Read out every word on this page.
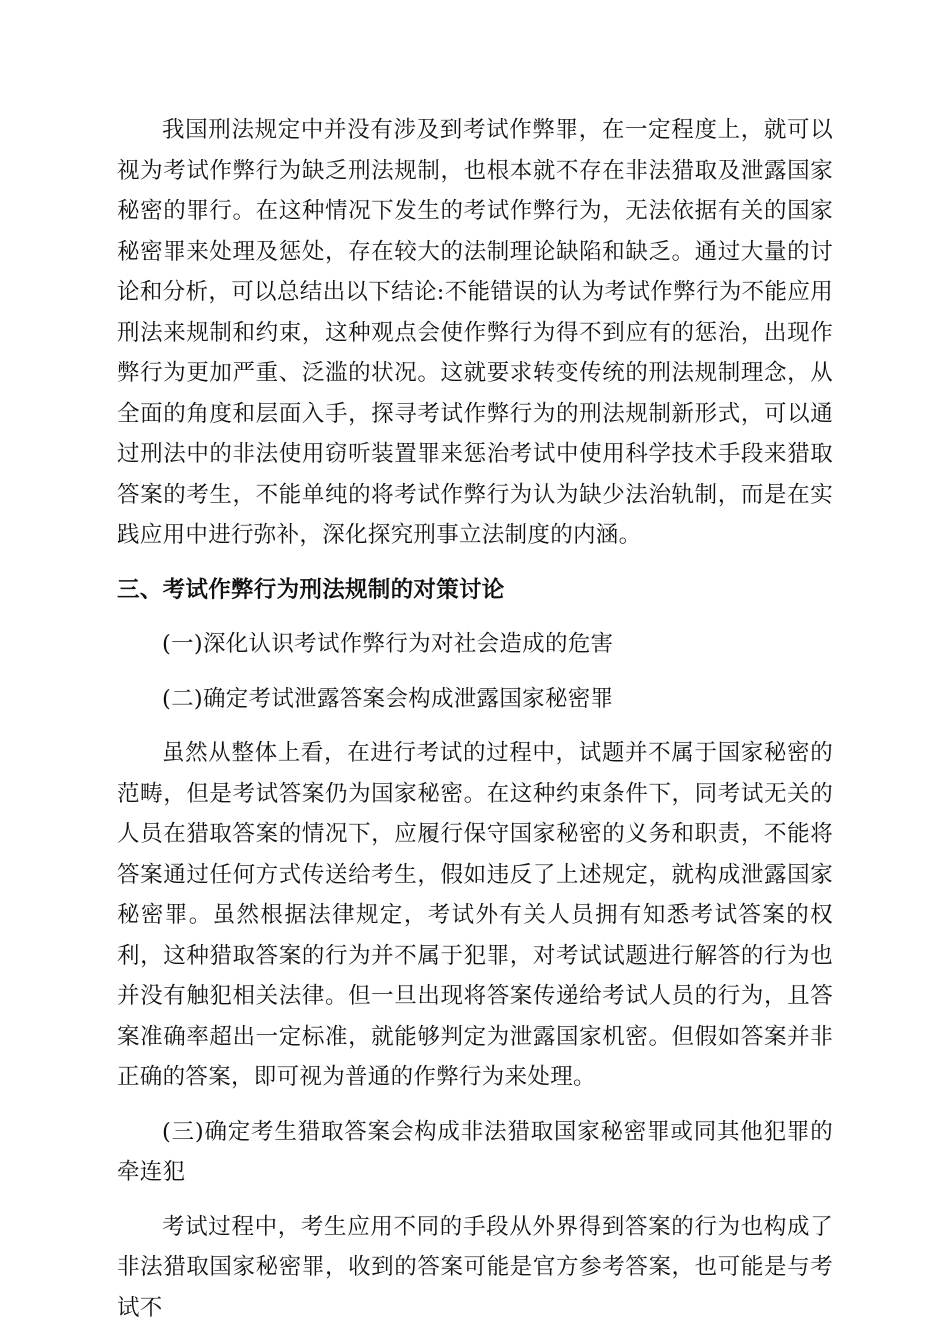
我国刑法规定中并没有涉及到考试作弊罪，在一定程度上，就可以视为考试作弊行为缺乏刑法规制，也根本就不存在非法猎取及泄露国家秘密的罪行。在这种情况下发生的考试作弊行为，无法依据有关的国家秘密罪来处理及惩处，存在较大的法制理论缺陷和缺乏。通过大量的讨论和分析，可以总结出以下结论:不能错误的认为考试作弊行为不能应用刑法来规制和约束，这种观点会使作弊行为得不到应有的惩治，出现作弊行为更加严重、泛滥的状况。这就要求转变传统的刑法规制理念，从全面的角度和层面入手，探寻考试作弊行为的刑法规制新形式，可以通过刑法中的非法使用窃听装置罪来惩治考试中使用科学技术手段来猎取答案的考生，不能单纯的将考试作弊行为认为缺少法治轨制，而是在实践应用中进行弥补，深化探究刑事立法制度的内涵。

三、考试作弊行为刑法规制的对策讨论

(一)深化认识考试作弊行为对社会造成的危害

(二)确定考试泄露答案会构成泄露国家秘密罪

虽然从整体上看，在进行考试的过程中，试题并不属于国家秘密的范畴，但是考试答案仍为国家秘密。在这种约束条件下，同考试无关的人员在猎取答案的情况下，应履行保守国家秘密的义务和职责，不能将答案通过任何方式传送给考生，假如违反了上述规定，就构成泄露国家秘密罪。虽然根据法律规定，考试外有关人员拥有知悉考试答案的权利，这种猎取答案的行为并不属于犯罪，对考试试题进行解答的行为也并没有触犯相关法律。但一旦出现将答案传递给考试人员的行为，且答案准确率超出一定标准，就能够判定为泄露国家机密。但假如答案并非正确的答案，即可视为普通的作弊行为来处理。

(三)确定考生猎取答案会构成非法猎取国家秘密罪或同其他犯罪的牵连犯

考试过程中，考生应用不同的手段从外界得到答案的行为也构成了非法猎取国家秘密罪，收到的答案可能是官方参考答案，也可能是与考试不
